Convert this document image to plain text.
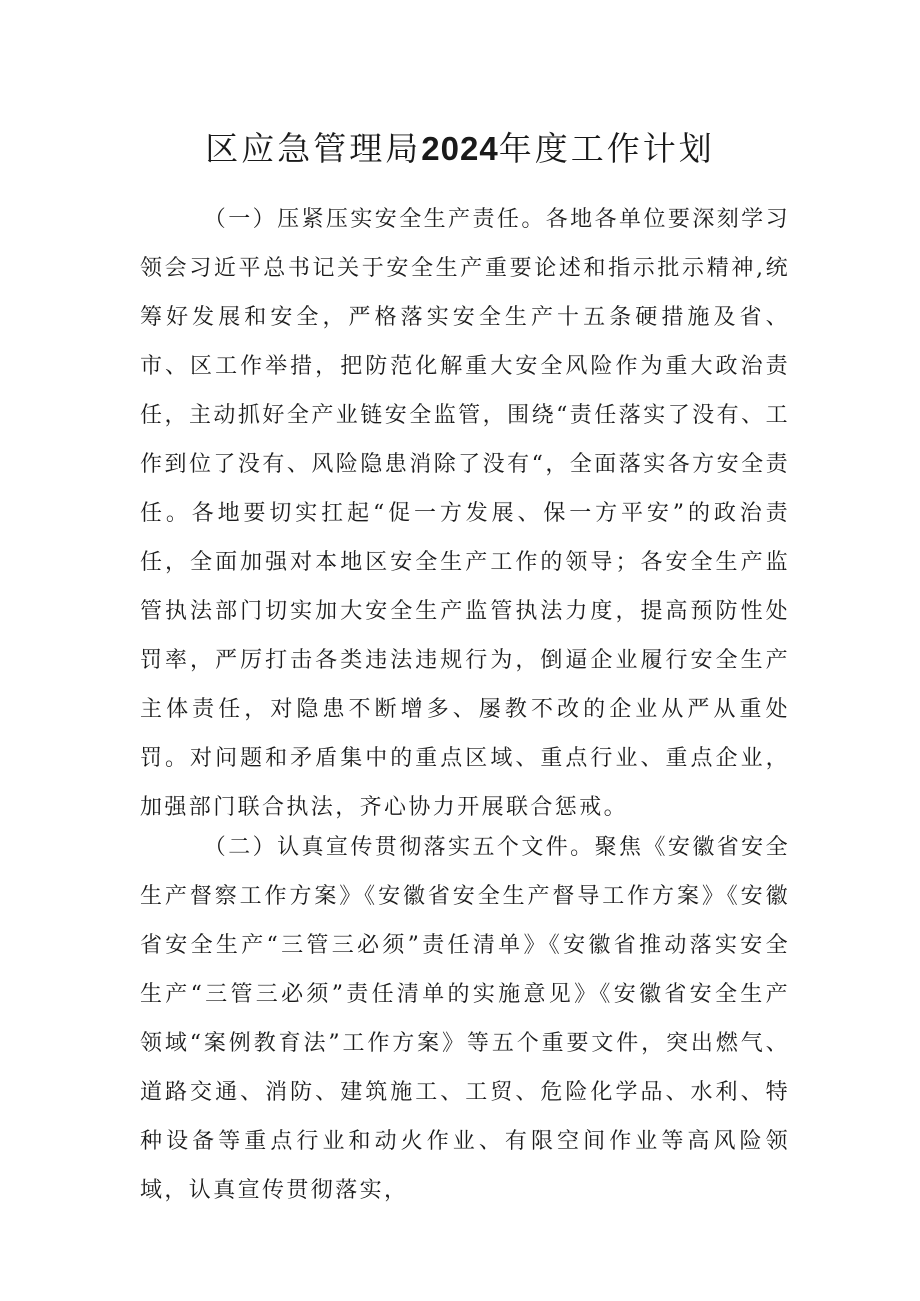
区应急管理局2024年度工作计划

（一）压紧压实安全生产责任。各地各单位要深刻学习领会习近平总书记关于安全生产重要论述和指示批示精神,统筹好发展和安全，严格落实安全生产十五条硬措施及省、市、区工作举措，把防范化解重大安全风险作为重大政治责任，主动抓好全产业链安全监管，围绕“责任落实了没有、工作到位了没有、风险隐患消除了没有“，全面落实各方安全责任。各地要切实扛起“促一方发展、保一方平安”的政治责任，全面加强对本地区安全生产工作的领导；各安全生产监管执法部门切实加大安全生产监管执法力度，提高预防性处罚率，严厉打击各类违法违规行为，倒逼企业履行安全生产主体责任，对隐患不断增多、屡教不改的企业从严从重处罚。对问题和矛盾集中的重点区域、重点行业、重点企业，加强部门联合执法，齐心协力开展联合惩戒。

（二）认真宣传贯彻落实五个文件。聚焦《安徽省安全生产督察工作方案》《安徽省安全生产督导工作方案》《安徽省安全生产“三管三必须”责任清单》《安徽省推动落实安全生产“三管三必须”责任清单的实施意见》《安徽省安全生产领域“案例教育法”工作方案》等五个重要文件，突出燃气、道路交通、消防、建筑施工、工贸、危险化学品、水利、特种设备等重点行业和动火作业、有限空间作业等高风险领域，认真宣传贯彻落实，
